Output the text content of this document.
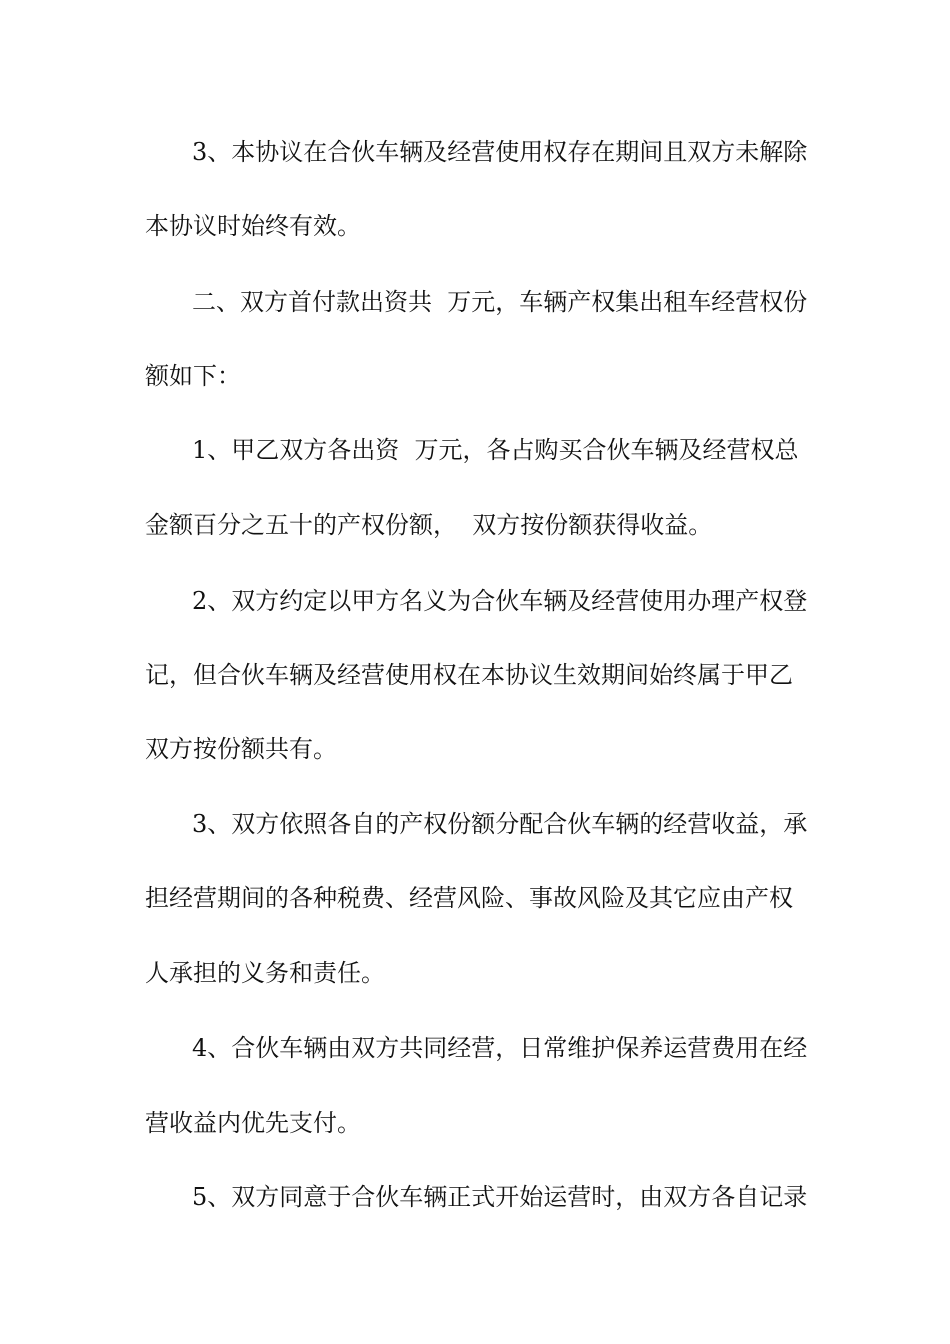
3、本协议在合伙车辆及经营使用权存在期间且双方未解除
本协议时始终有效。
二、双方首付款出资共  万元，车辆产权集出租车经营权份
额如下：
1、甲乙双方各出资  万元，各占购买合伙车辆及经营权总
金额百分之五十的产权份额，  双方按份额获得收益。
2、双方约定以甲方名义为合伙车辆及经营使用办理产权登
记，但合伙车辆及经营使用权在本协议生效期间始终属于甲乙
双方按份额共有。
3、双方依照各自的产权份额分配合伙车辆的经营收益，承
担经营期间的各种税费、经营风险、事故风险及其它应由产权
人承担的义务和责任。
4、合伙车辆由双方共同经营，日常维护保养运营费用在经
营收益内优先支付。
5、双方同意于合伙车辆正式开始运营时，由双方各自记录
